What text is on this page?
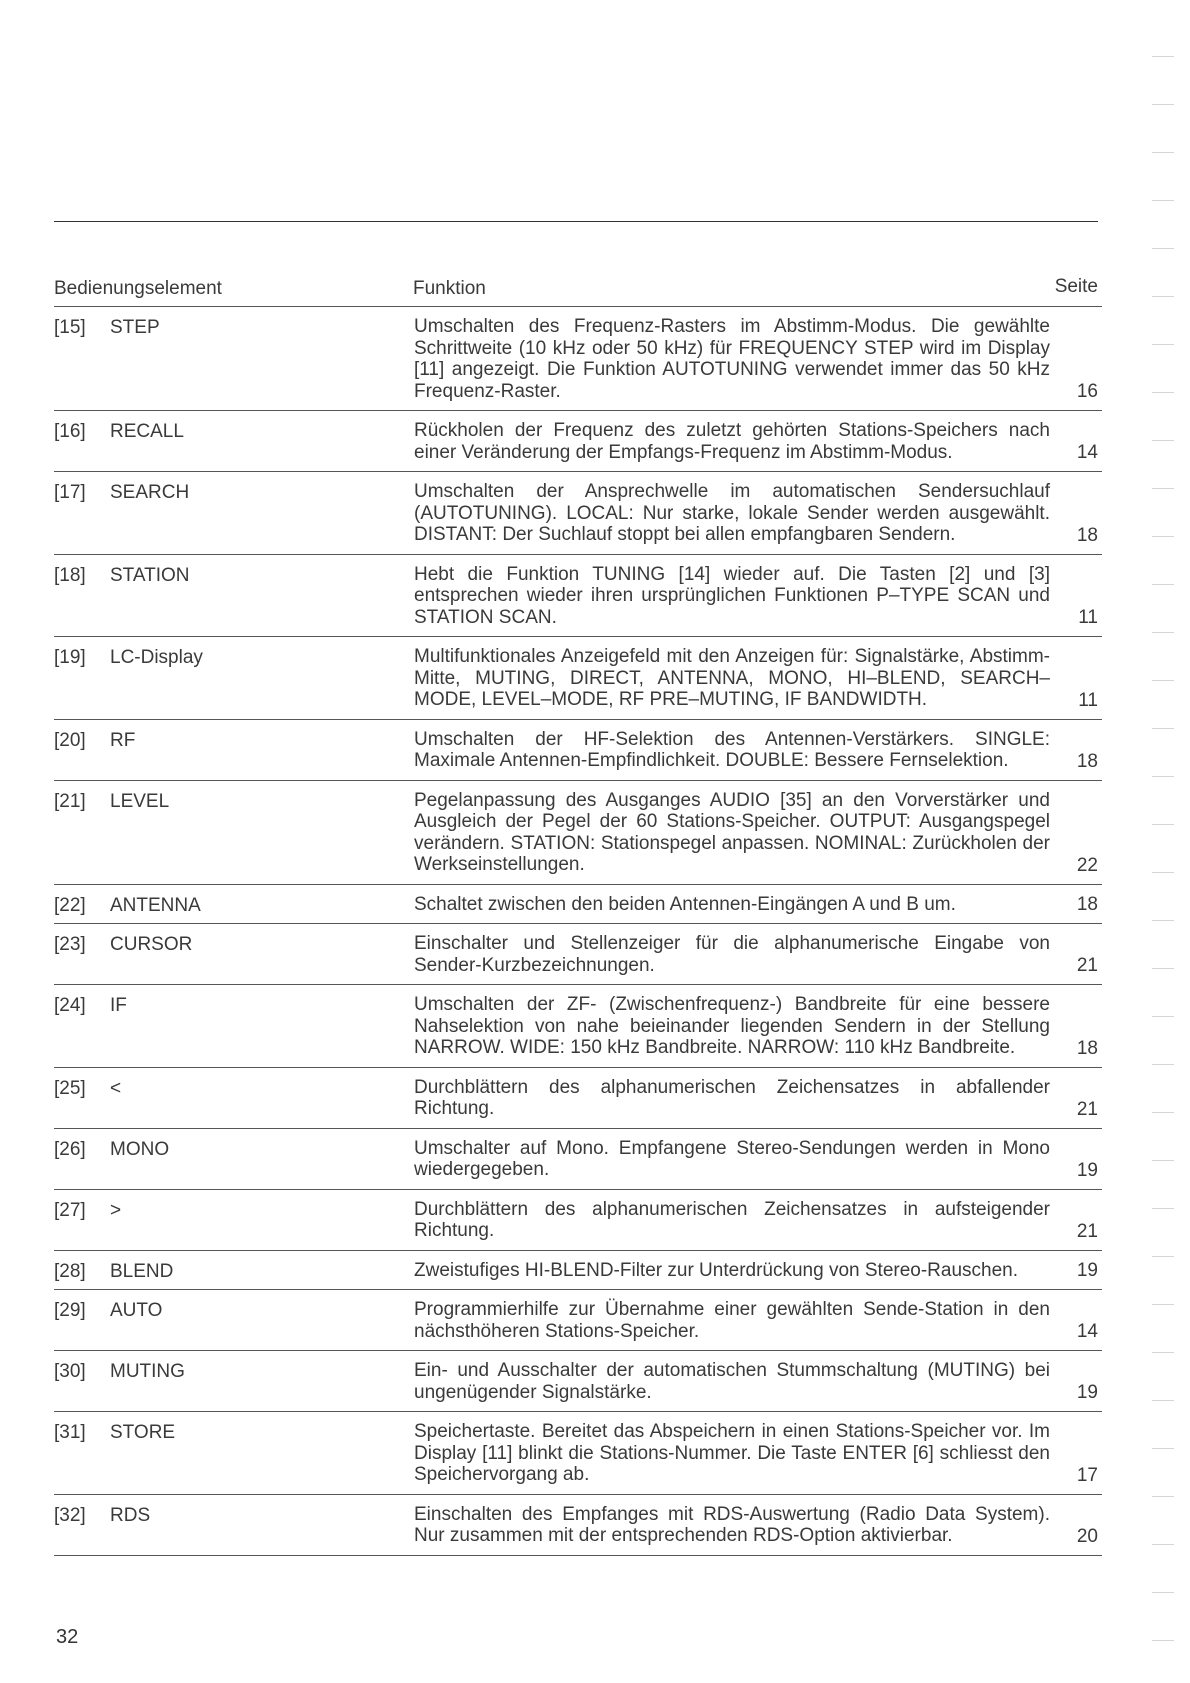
Bedienungselement	Funktion	Seite
[15] STEP	Umschalten des Frequenz-Rasters im Abstimm-Modus. Die gewählte Schrittweite (10 kHz oder 50 kHz) für FREQUENCY STEP wird im Display [11] angezeigt. Die Funktion AUTOTUNING verwendet immer das 50 kHz Frequenz-Raster.	16
[16] RECALL	Rückholen der Frequenz des zuletzt gehörten Stations-Speichers nach einer Veränderung der Empfangs-Frequenz im Abstimm-Modus.	14
[17] SEARCH	Umschalten der Ansprechwelle im automatischen Sendersuchlauf (AUTOTUNING). LOCAL: Nur starke, lokale Sender werden ausgewählt. DISTANT: Der Suchlauf stoppt bei allen empfangbaren Sendern.	18
[18] STATION	Hebt die Funktion TUNING [14] wieder auf. Die Tasten [2] und [3] entsprechen wieder ihren ursprünglichen Funktionen P–TYPE SCAN und STATION SCAN.	11
[19] LC-Display	Multifunktionales Anzeigefeld mit den Anzeigen für: Signalstärke, Abstimm-Mitte, MUTING, DIRECT, ANTENNA, MONO, HI–BLEND, SEARCH–MODE, LEVEL–MODE, RF PRE–MUTING, IF BANDWIDTH.	11
[20] RF	Umschalten der HF-Selektion des Antennen-Verstärkers. SINGLE: Maximale Antennen-Empfindlichkeit. DOUBLE: Bessere Fernselektion.	18
[21] LEVEL	Pegelanpassung des Ausganges AUDIO [35] an den Vorverstärker und Ausgleich der Pegel der 60 Stations-Speicher. OUTPUT: Ausgangspegel verändern. STATION: Stationspegel anpassen. NOMINAL: Zurückholen der Werkseinstellungen.	22
[22] ANTENNA	Schaltet zwischen den beiden Antennen-Eingängen A und B um.	18
[23] CURSOR	Einschalter und Stellenzeiger für die alphanumerische Eingabe von Sender-Kurzbezeichnungen.	21
[24] IF	Umschalten der ZF- (Zwischenfrequenz-) Bandbreite für eine bessere Nahselektion von nahe beieinander liegenden Sendern in der Stellung NARROW. WIDE: 150 kHz Bandbreite. NARROW: 110 kHz Bandbreite.	18
[25] <	Durchblättern des alphanumerischen Zeichensatzes in abfallender Richtung.	21
[26] MONO	Umschalter auf Mono. Empfangene Stereo-Sendungen werden in Mono wiedergegeben.	19
[27] >	Durchblättern des alphanumerischen Zeichensatzes in aufsteigender Richtung.	21
[28] BLEND	Zweistufiges HI-BLEND-Filter zur Unterdrückung von Stereo-Rauschen.	19
[29] AUTO	Programmierhilfe zur Übernahme einer gewählten Sende-Station in den nächsthöheren Stations-Speicher.	14
[30] MUTING	Ein- und Ausschalter der automatischen Stummschaltung (MUTING) bei ungenügender Signalstärke.	19
[31] STORE	Speichertaste. Bereitet das Abspeichern in einen Stations-Speicher vor. Im Display [11] blinkt die Stations-Nummer. Die Taste ENTER [6] schliesst den Speichervorgang ab.	17
[32] RDS	Einschalten des Empfanges mit RDS-Auswertung (Radio Data System). Nur zusammen mit der entsprechenden RDS-Option aktivierbar.	20
32
